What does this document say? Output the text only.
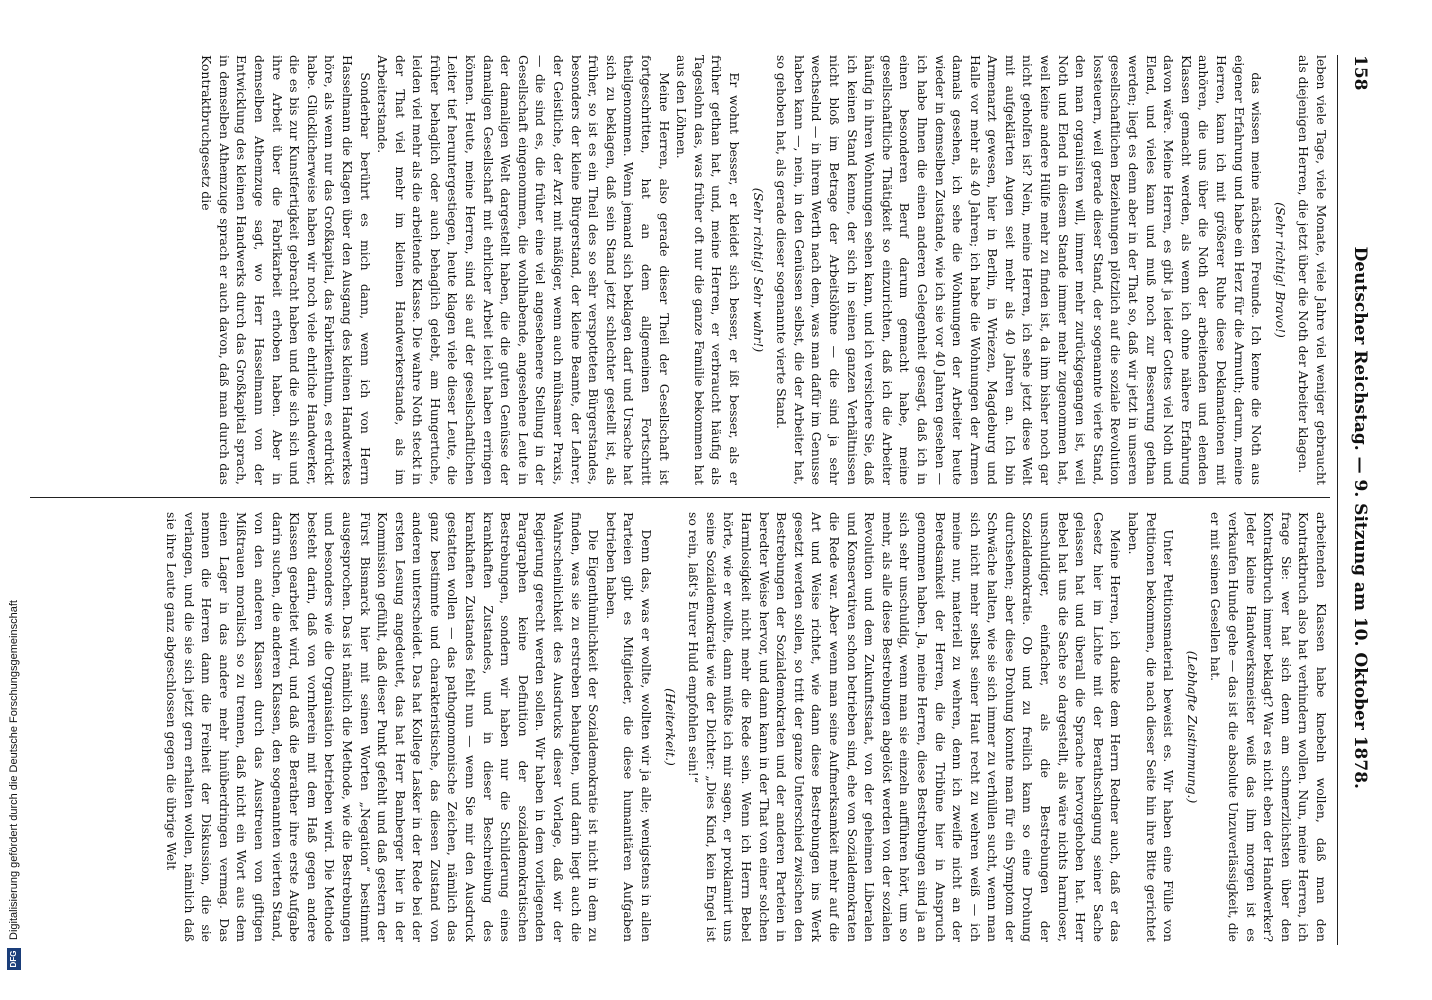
158
Deutscher Reichstag. — 9. Sitzung am 10. Oktober 1878.

leben viele Tage, viele Monate, viele Jahre viel weniger gebraucht als diejenigen Herren, die jetzt über die Noth der Arbeiter klagen.

(Sehr richtig! Bravo!)

das wissen meine nächsten Freunde. Ich kenne die Noth aus eigener Erfahrung und habe ein Herz für die Armuth; darum, meine Herren, kann ich mit größerer Ruhe diese Deklamationen mit anhören, die uns über die Noth der arbeitenden und elenden Klassen gemacht werden, als wenn ich ohne nähere Erfahrung davon wäre. Meine Herren, es gibt ja leider Gottes viel Noth und Elend, und vieles kann und muß noch zur Besserung gethan werden; liegt es denn aber in der That so, daß wir jetzt in unseren gesellschaftlichen Beziehungen plötzlich auf die soziale Revolution lossteuern, weil gerade dieser Stand, der sogenannte vierte Stand, den man organisiren will, immer mehr zurückgegangen ist, weil Noth und Elend in diesem Stande immer mehr zugenommen hat, weil keine andere Hülfe mehr zu finden ist, da ihm bisher noch gar nicht geholfen ist? Nein, meine Herren, ich sehe jetzt diese Welt mit aufgeklärten Augen seit mehr als 40 Jahren an. Ich bin Armenarzt gewesen, hier in Berlin, in Wriezen, Magdeburg und Halle vor mehr als 40 Jahren; ich habe die Wohnungen der Armen damals gesehen, ich sehe die Wohnungen der Arbeiter heute wieder in demselben Zustande, wie ich sie vor 40 Jahren gesehen — ich habe Ihnen die einen anderen Gelegenheit gesagt, daß ich in einen besonderen Beruf darum gemacht habe, meine gesellschaftliche Thätigkeit so einzurichten, daß ich die Arbeiter häufig in ihren Wohnungen sehen kann, und ich versichere Sie, daß ich keinen Stand kenne, der sich in seinen ganzen Verhältnissen nicht bloß im Betrage der Arbeitslöhne — die sind ja sehr wechselnd — in ihrem Werth nach dem, was man dafür im Genusse haben kann —, nein, in den Genüssen selbst, die der Arbeiter hat, so gehoben hat, als gerade dieser sogenannte vierte Stand.

(Sehr richtig! Sehr wahr!)

Er wohnt besser, er kleidet sich besser, er ißt besser, als er früher gethan hat, und, meine Herren, er verbraucht häufig als Tageslohn das, was früher oft nur die ganze Familie bekommen hat aus den Löhnen.

Meine Herren, also gerade dieser Theil der Gesellschaft ist fortgeschritten, hat an dem allgemeinen Fortschritt theilgenommen. Wenn jemand sich beklagen darf und Ursache hat sich zu beklagen, daß sein Stand jetzt schlechter gestellt ist, als früher, so ist es ein Theil des so sehr verspotteten Bürgerstandes, besonders der kleine Bürgerstand, der kleine Beamte, der Lehrer, der Geistliche, der Arzt mit mäßiger, wenn auch mühsamer Praxis, — die sind es, die früher eine viel angesehenere Stellung in der Gesellschaft eingenommen, die wohlhabende, angesehene Leute in der damaligen Welt dargestellt haben, die die guten Genüsse der damaligen Gesellschaft mit ehrlicher Arbeit leicht haben erringen können. Heute, meine Herren, sind sie auf der gesellschaftlichen Leiter tief heruntergestiegen, heute klagen viele dieser Leute, die früher behaglich oder auch behaglich gelebt, am Hungertuche, leiden viel mehr als die arbeitende Klasse. Die wahre Noth steckt in der That viel mehr im kleinen Handwerkerstande, als im Arbeiterstande.

Sonderbar berührt es mich dann, wenn ich von Herrn Hasselmann die Klagen über den Ausgang des kleinen Handwerkes höre, als wenn nur das Großkapital, das Fabrikenthum, es erdrückt habe. Glücklicherweise haben wir noch viele ehrliche Handwerker, die es bis zur Kunstfertigkeit gebracht haben und die sich sich und ihre Arbeit über die Fabrikarbeit erhoben haben. Aber in demselben Athemzuge sagt, wo Herr Hasselmann von der Entwicklung des kleinen Handwerks durch das Großkapital sprach, in demselben Athemzuge sprach er auch davon, daß man durch das Kontraktbruchgesetz die

arbeitenden Klassen habe knebeln wollen, daß man den Kontraktbruch also hat verhindern wollen. Nun, meine Herren, ich frage Sie: wer hat sich denn am schmerzlichsten über den Kontraktbruch immer beklagt? War es nicht eben der Handwerker? Jeder kleine Handwerksmeister weiß das ihm morgen ist es verkaufen Hunde gehe — das ist die absolute Unzuverlässigkeit, die er mit seinen Gesellen hat.

(Lebhafte Zustimmung.)

Unter Petitionsmaterial beweist es. Wir haben eine Fülle von Petitionen bekommen, die nach dieser Seite hin ihre Bitte gerichtet haben.

Meine Herren, ich danke dem Herrn Redner auch, daß er das Gesetz hier im Lichte mit der Berathschlagung seiner Sache gelassen hat und überall die Sprache hervorgehoben hat. Herr Bebel hat uns die Sache so dargestellt, als wäre nichts harmloser, unschuldiger, einfacher, als die Bestrebungen der Sozialdemokratie. Ob und zu freilich kann so eine Drohung durchsehen; aber diese Drohung konnte man für ein Symptom der Schwäche halten, wie sie sich immer zu verhüllen sucht, wenn man sich nicht mehr selbst seiner Haut recht zu wehren weiß — ich meine nur, materiell zu wehren, denn ich zweifle nicht an der Beredsamkeit der Herren, die die Tribüne hier in Anspruch genommen haben. Ja, meine Herren, diese Bestrebungen sind ja an sich sehr unschuldig, wenn man sie einzeln aufführen hört, um so mehr, als alle diese Bestrebungen abgelöst werden von der sozialen Revolution und dem Zukunftsstaat, von der geheimen Liberalen und Konservativen schon betrieben sind, ehe von Sozialdemokraten die Rede war. Aber wenn man seine Aufmerksamkeit mehr auf die Art und Weise richtet, wie dann diese Bestrebungen ins Werk gesetzt werden sollen, so tritt der ganze Unterschied zwischen den Bestrebungen der Sozialdemokraten und der anderen Parteien in beredter Weise hervor, und dann kann in der That von einer solchen Harmlosigkeit nicht mehr die Rede sein. Wenn ich Herrn Bebel hörte, wie er wollte, dann müßte ich mir sagen, er proklamirt uns seine Sozialdemokratie wie der Dichter: „Dies Kind, kein Engel ist so rein, laßt's Eurer Huld empfohlen sein!“

(Heiterkeit.)

Denn das, was er wollte, wollten wir ja alle; wenigstens in allen Parteien gibt es Mitglieder, die diese humanitären Aufgaben betrieben haben.

Die Eigenthümlichkeit der Sozialdemokratie ist nicht in dem zu finden, was sie zu erstreben behaupten, und darin liegt auch die Wahrscheinlichkeit des Ausdrucks dieser Vorlage, daß wir der Regierung gerecht werden sollen. Wir haben in dem vorliegenden Paragraphen keine Definition der sozialdemokratischen Bestrebungen, sondern wir haben nur die Schilderung eines krankhaften Zustandes, und in dieser Beschreibung des krankhaften Zustandes fehlt nun — wenn Sie mir den Ausdruck gestatten wollen — das pathognomonische Zeichen, nämlich das ganz bestimmte und charakteristische, das diesen Zustand von anderen unterscheidet. Das hat Kollege Lasker in der Rede bei der ersten Lesung angedeutet, das hat Herr Bamberger hier in der Kommission gefühlt, daß dieser Punkt gefehlt und daß gestern der Fürst Bismarck hier mit seinen Worten „Negation“ bestimmt ausgesprochen. Das ist nämlich die Methode, wie die Bestrebungen und besonders wie die Organisation betrieben wird. Die Methode besteht darin, daß von vornherein mit dem Haß gegen andere Klassen gearbeitet wird, und daß die Berather ihre erste Aufgabe darin suchen, die anderen Klassen, den sogenannten vierten Stand, von den anderen Klassen durch das Ausstreuen von giftigen Mißtrauen moralisch so zu trennen, daß nicht ein Wort aus dem einen Lager in das andere mehr hinüberdringen vermag. Das nennen die Herren dann die Freiheit der Diskussion, die sie verlangen, und die sie sich jetzt gern erhalten wollen, nämlich daß sie ihre Leute ganz abgeschlossen gegen die übrige Welt

DFG
Digitalisierung gefördert durch die Deutsche Forschungsgemeinschaft
